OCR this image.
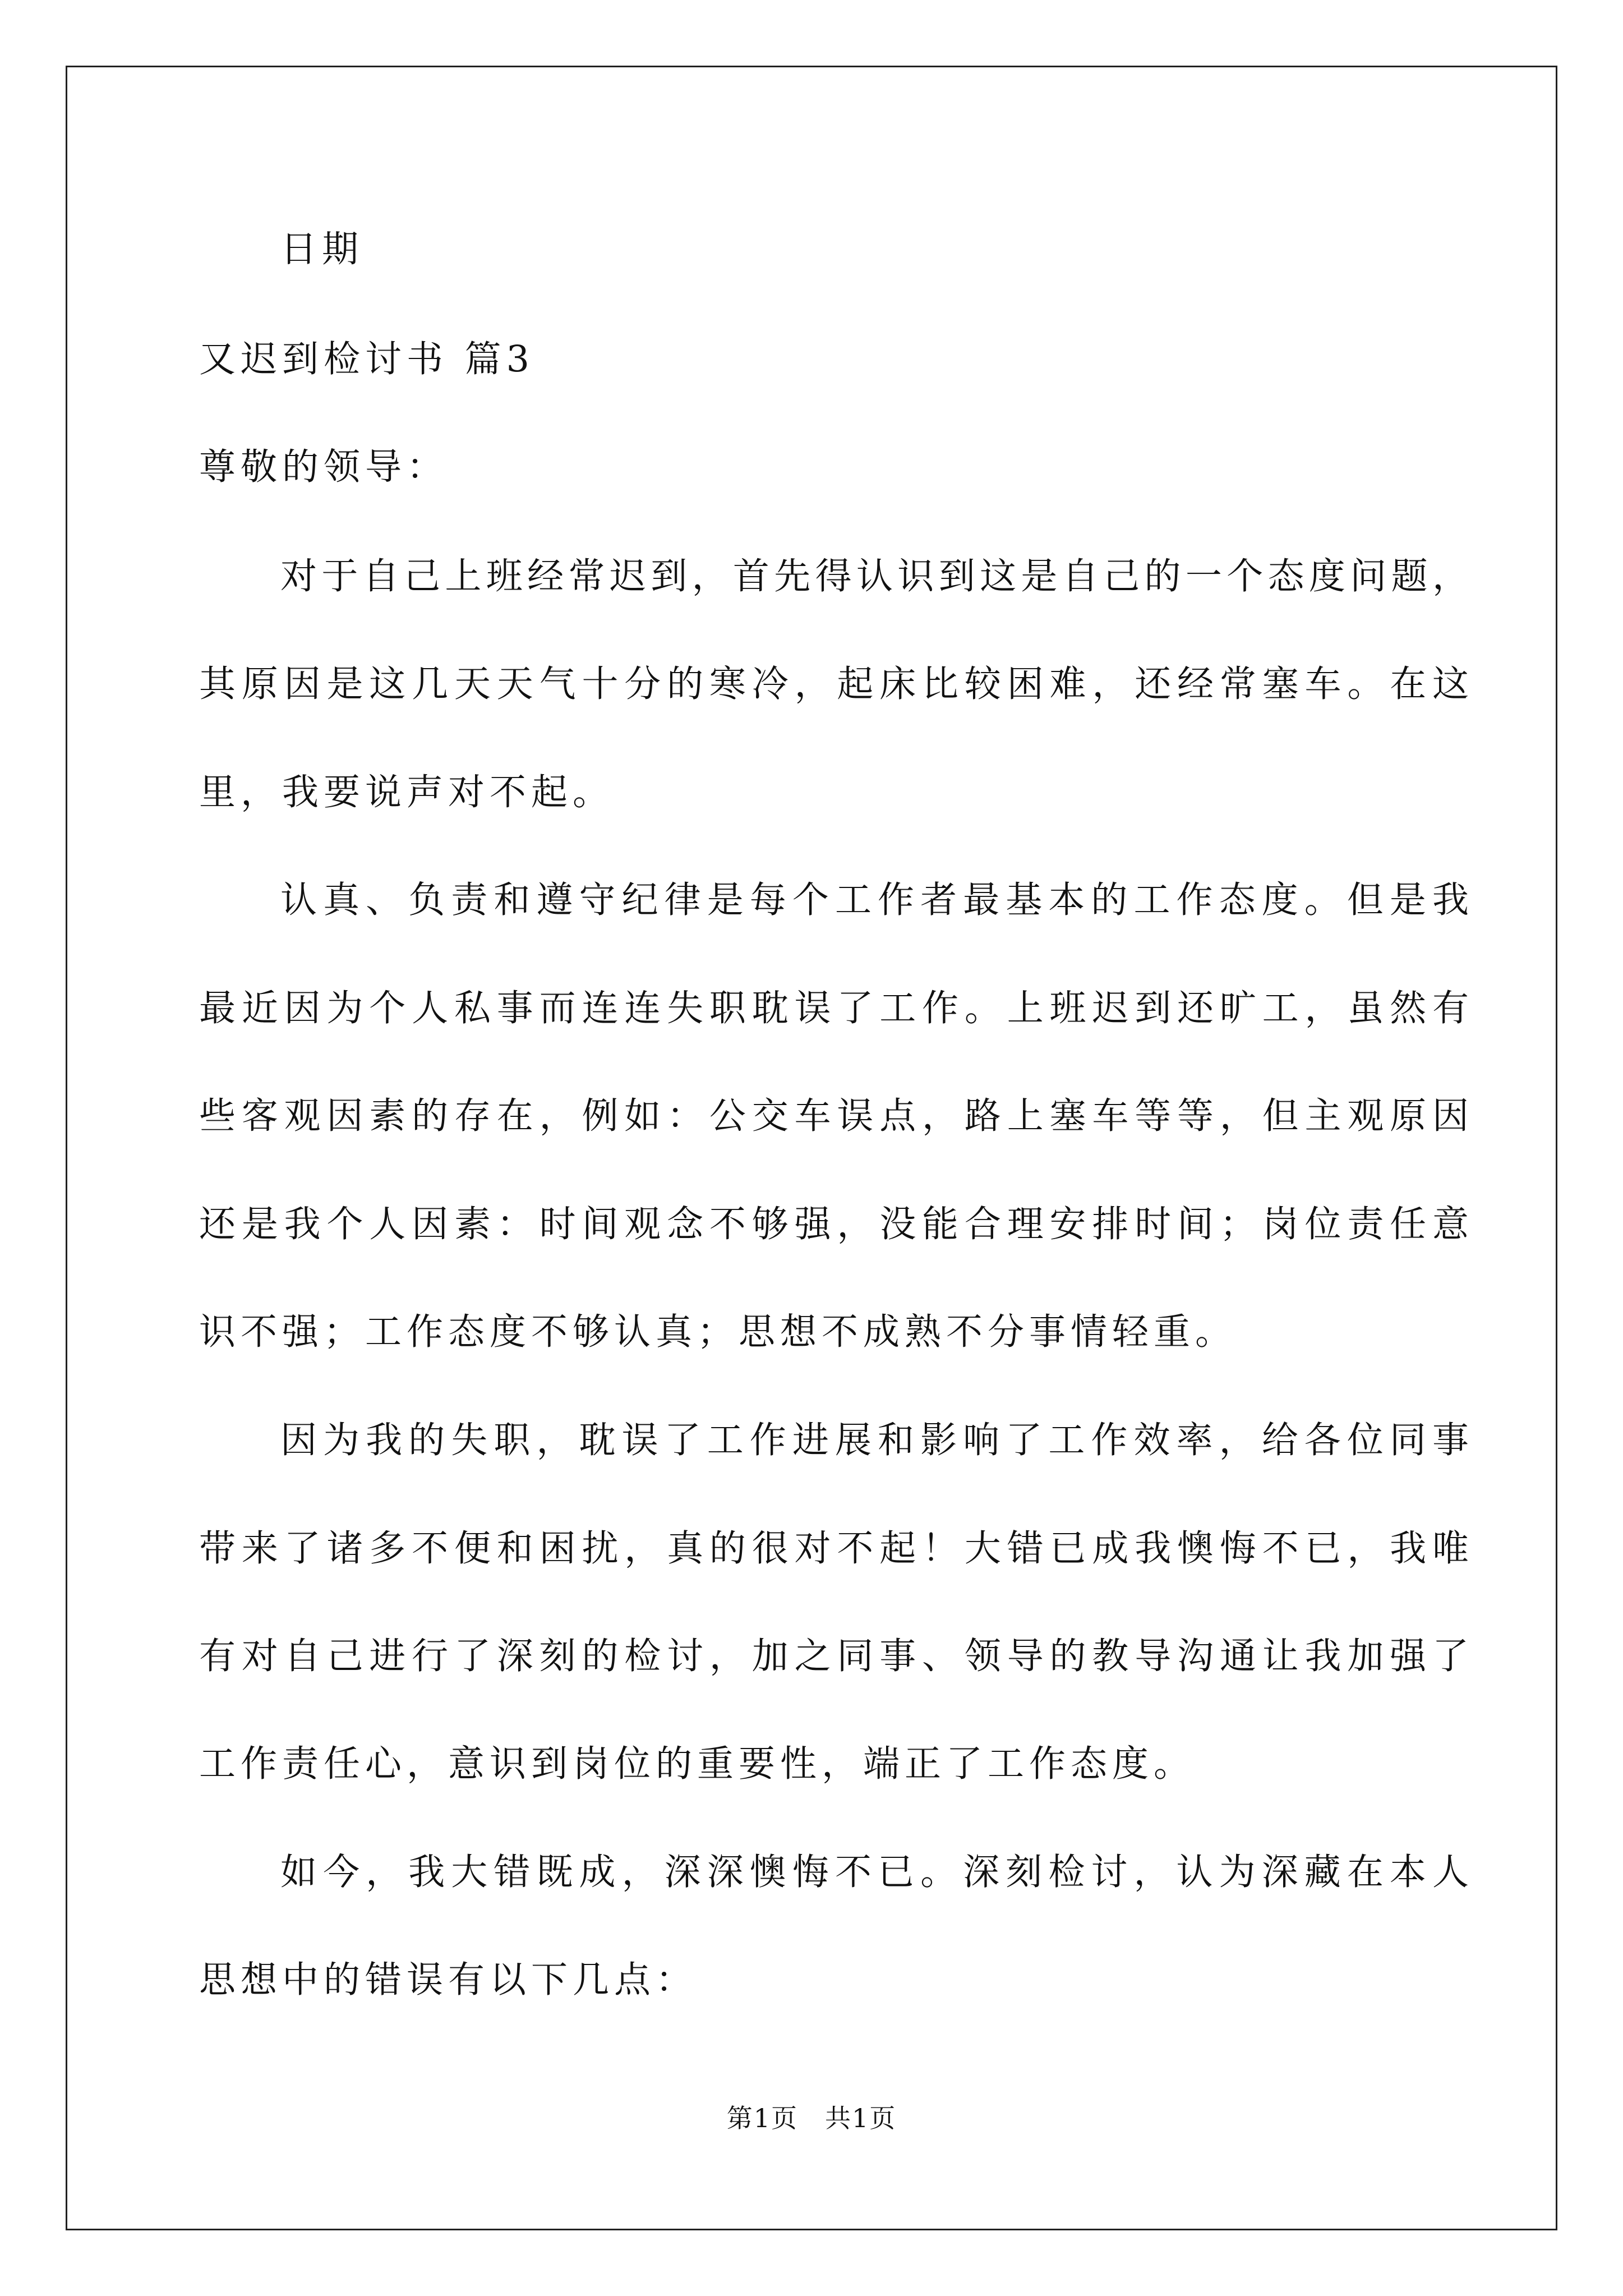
日期
又迟到检讨书 篇3
尊敬的领导：
对于自己上班经常迟到，首先得认识到这是自己的一个态度问题，
其原因是这几天天气十分的寒冷，起床比较困难，还经常塞车。在这
里，我要说声对不起。
认真、负责和遵守纪律是每个工作者最基本的工作态度。但是我
最近因为个人私事而连连失职耽误了工作。上班迟到还旷工，虽然有
些客观因素的存在，例如：公交车误点，路上塞车等等，但主观原因
还是我个人因素：时间观念不够强，没能合理安排时间；岗位责任意
识不强；工作态度不够认真；思想不成熟不分事情轻重。
因为我的失职，耽误了工作进展和影响了工作效率，给各位同事
带来了诸多不便和困扰，真的很对不起！大错已成我懊悔不已，我唯
有对自己进行了深刻的检讨，加之同事、领导的教导沟通让我加强了
工作责任心，意识到岗位的重要性，端正了工作态度。
如今，我大错既成，深深懊悔不已。深刻检讨，认为深藏在本人
思想中的错误有以下几点：
第1页　共1页
